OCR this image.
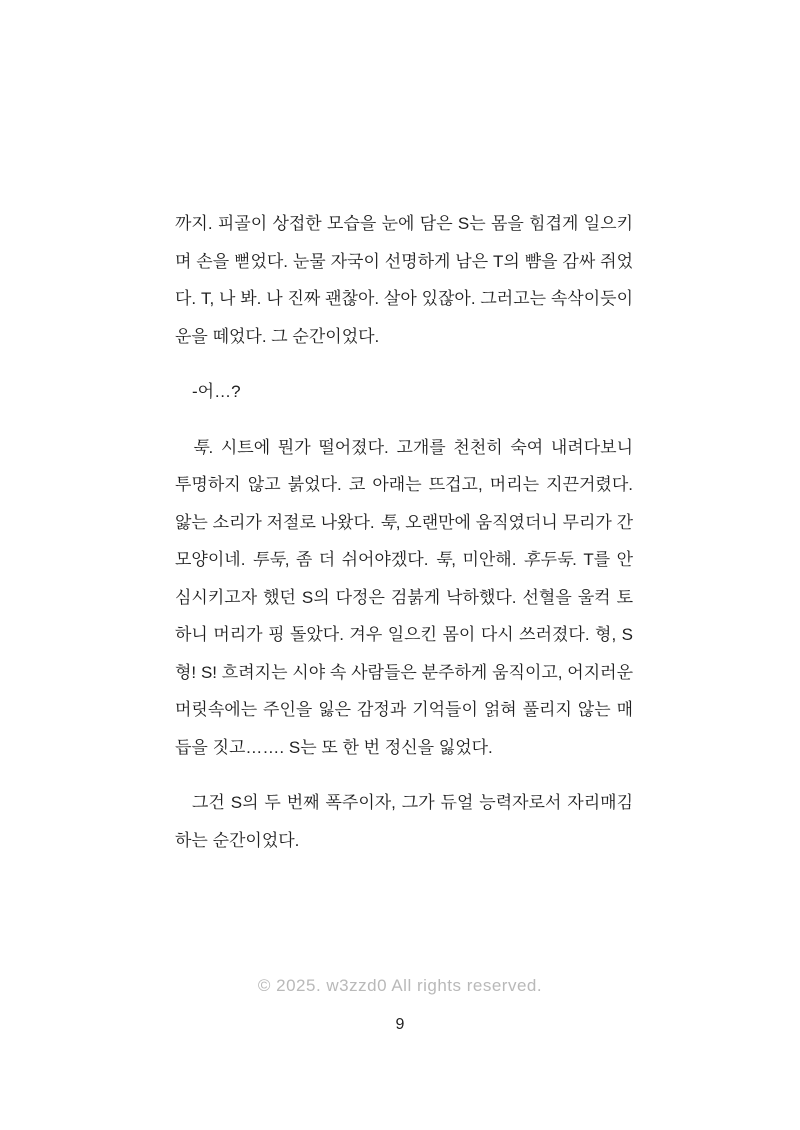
까지. 피골이 상접한 모습을 눈에 담은 S는 몸을 힘겹게 일으키며 손을 뻗었다. 눈물 자국이 선명하게 남은 T의 뺨을 감싸 쥐었다. T, 나 봐. 나 진짜 괜찮아. 살아 있잖아. 그러고는 속삭이듯이 운을 떼었다. 그 순간이었다.

-어…?

툭. 시트에 뭔가 떨어졌다. 고개를 천천히 숙여 내려다보니 투명하지 않고 붉었다. 코 아래는 뜨겁고, 머리는 지끈거렸다. 앓는 소리가 저절로 나왔다. 툭, 오랜만에 움직였더니 무리가 간 모양이네. 투둑, 좀 더 쉬어야겠다. 툭, 미안해. 후두둑. T를 안심시키고자 했던 S의 다정은 검붉게 낙하했다. 선혈을 울컥 토하니 머리가 핑 돌았다. 겨우 일으킨 몸이 다시 쓰러졌다. 형, S 형! S! 흐려지는 시야 속 사람들은 분주하게 움직이고, 어지러운 머릿속에는 주인을 잃은 감정과 기억들이 얽혀 풀리지 않는 매듭을 짓고……. S는 또 한 번 정신을 잃었다.

그건 S의 두 번째 폭주이자, 그가 듀얼 능력자로서 자리매김하는 순간이었다.

© 2025. w3zzd0 All rights reserved.
9
